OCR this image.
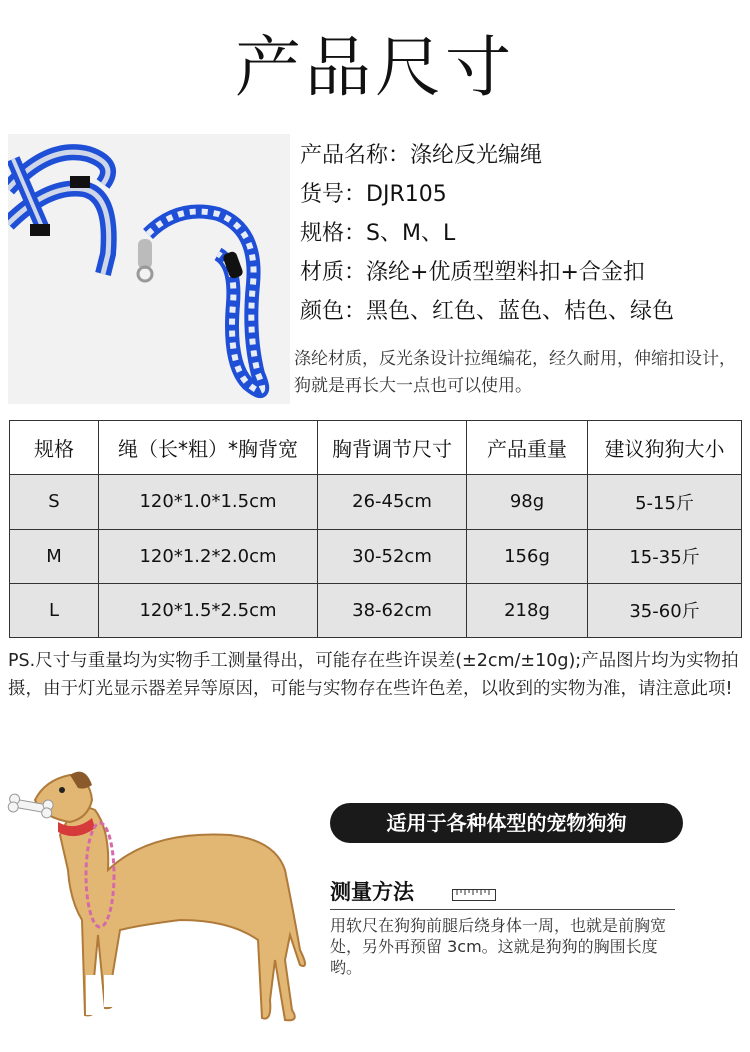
产品尺寸
产品名称：涤纶反光编绳
货号：DJR105
规格：S、M、L
材质：涤纶+优质型塑料扣+合金扣
颜色：黑色、红色、蓝色、桔色、绿色
涤纶材质，反光条设计拉绳编花，经久耐用，伸缩扣设计，狗就是再长大一点也可以使用。
规格	绳（长*粗）*胸背宽	胸背调节尺寸	产品重量	建议狗狗大小
S	120*1.0*1.5cm	26-45cm	98g	5-15斤
M	120*1.2*2.0cm	30-52cm	156g	15-35斤
L	120*1.5*2.5cm	38-62cm	218g	35-60斤
PS.尺寸与重量均为实物手工测量得出，可能存在些许误差(±2cm/±10g);产品图片均为实物拍摄，由于灯光显示器差异等原因，可能与实物存在些许色差，以收到的实物为准，请注意此项!
适用于各种体型的宠物狗狗
测量方法
用软尺在狗狗前腿后绕身体一周，也就是前胸宽处，另外再预留 3cm。这就是狗狗的胸围长度哟。
